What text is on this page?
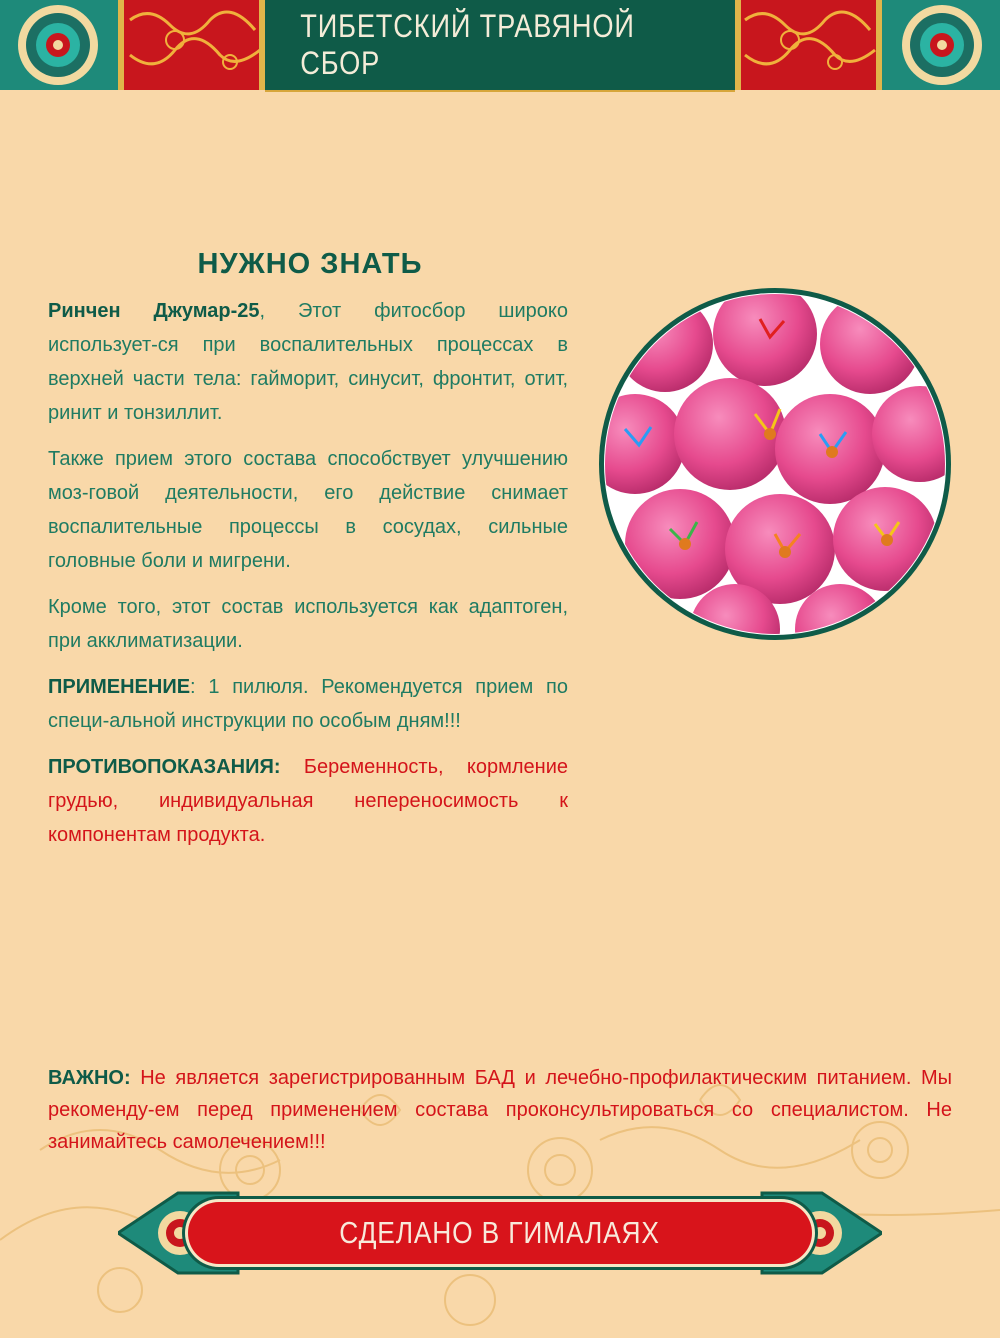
ТИБЕТСКИЙ ТРАВЯНОЙ СБОР
НУЖНО ЗНАТЬ

Ринчен Джумар-25, Этот фитосбор широко использует-ся при воспалительных процессах в верхней части тела: гайморит, синусит, фронтит, отит, ринит и тонзиллит.

Также прием этого состава способствует улучшению моз-говой деятельности, его действие снимает воспалительные процессы в сосудах, сильные головные боли и мигрени.

Кроме того, этот состав используется как адаптоген, при акклиматизации.

ПРИМЕНЕНИЕ: 1 пилюля. Рекомендуется прием по специ-альной инструкции по особым дням!!!

ПРОТИВОПОКАЗАНИЯ: Беременность, кормление грудью, индивидуальная непереносимость к компонентам продукта.

ВАЖНО: Не является зарегистрированным БАД и лечебно-профилактическим питанием. Мы рекоменду-ем перед применением состава проконсультироваться со специалистом. Не занимайтесь самолечением!!!
СДЕЛАНО В ГИМАЛАЯХ
